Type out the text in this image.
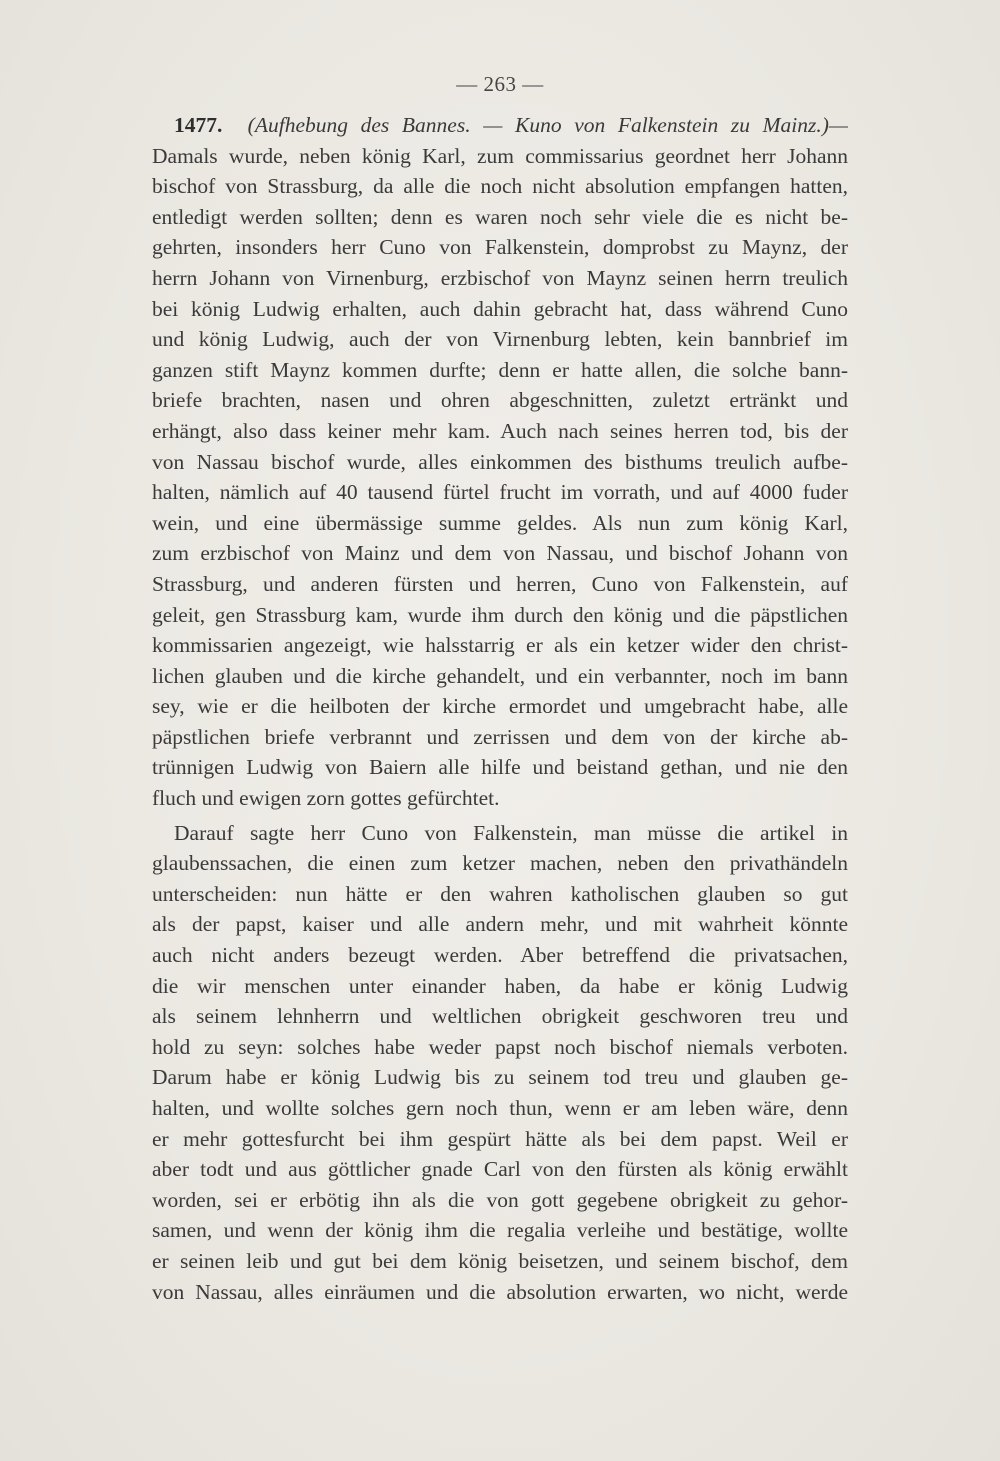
— 263 —
1477. (Aufhebung des Bannes. — Kuno von Falkenstein zu Mainz.)—
Damals wurde, neben könig Karl, zum commissarius geordnet herr Johann
bischof von Strassburg, da alle die noch nicht absolution empfangen hatten,
entledigt werden sollten; denn es waren noch sehr viele die es nicht be-
gehrten, insonders herr Cuno von Falkenstein, domprobst zu Maynz, der
herrn Johann von Virnenburg, erzbischof von Maynz seinen herrn treulich
bei könig Ludwig erhalten, auch dahin gebracht hat, dass während Cuno
und könig Ludwig, auch der von Virnenburg lebten, kein bannbrief im
ganzen stift Maynz kommen durfte; denn er hatte allen, die solche bann-
briefe brachten, nasen und ohren abgeschnitten, zuletzt ertränkt und
erhängt, also dass keiner mehr kam. Auch nach seines herren tod, bis der
von Nassau bischof wurde, alles einkommen des bisthums treulich aufbe-
halten, nämlich auf 40 tausend fürtel frucht im vorrath, und auf 4000 fuder
wein, und eine übermässige summe geldes. Als nun zum könig Karl,
zum erzbischof von Mainz und dem von Nassau, und bischof Johann von
Strassburg, und anderen fürsten und herren, Cuno von Falkenstein, auf
geleit, gen Strassburg kam, wurde ihm durch den könig und die päpstlichen
kommissarien angezeigt, wie halsstarrig er als ein ketzer wider den christ-
lichen glauben und die kirche gehandelt, und ein verbannter, noch im bann
sey, wie er die heilboten der kirche ermordet und umgebracht habe, alle
päpstlichen briefe verbrannt und zerrissen und dem von der kirche ab-
trünnigen Ludwig von Baiern alle hilfe und beistand gethan, und nie den
fluch und ewigen zorn gottes gefürchtet.
Darauf sagte herr Cuno von Falkenstein, man müsse die artikel in
glaubenssachen, die einen zum ketzer machen, neben den privathändeln
unterscheiden: nun hätte er den wahren katholischen glauben so gut
als der papst, kaiser und alle andern mehr, und mit wahrheit könnte
auch nicht anders bezeugt werden. Aber betreffend die privatsachen,
die wir menschen unter einander haben, da habe er könig Ludwig
als seinem lehnherrn und weltlichen obrigkeit geschworen treu und
hold zu seyn: solches habe weder papst noch bischof niemals verboten.
Darum habe er könig Ludwig bis zu seinem tod treu und glauben ge-
halten, und wollte solches gern noch thun, wenn er am leben wäre, denn
er mehr gottesfurcht bei ihm gespürt hätte als bei dem papst. Weil er
aber todt und aus göttlicher gnade Carl von den fürsten als könig erwählt
worden, sei er erbötig ihn als die von gott gegebene obrigkeit zu gehor-
samen, und wenn der könig ihm die regalia verleihe und bestätige, wollte
er seinen leib und gut bei dem könig beisetzen, und seinem bischof, dem
von Nassau, alles einräumen und die absolution erwarten, wo nicht, werde
